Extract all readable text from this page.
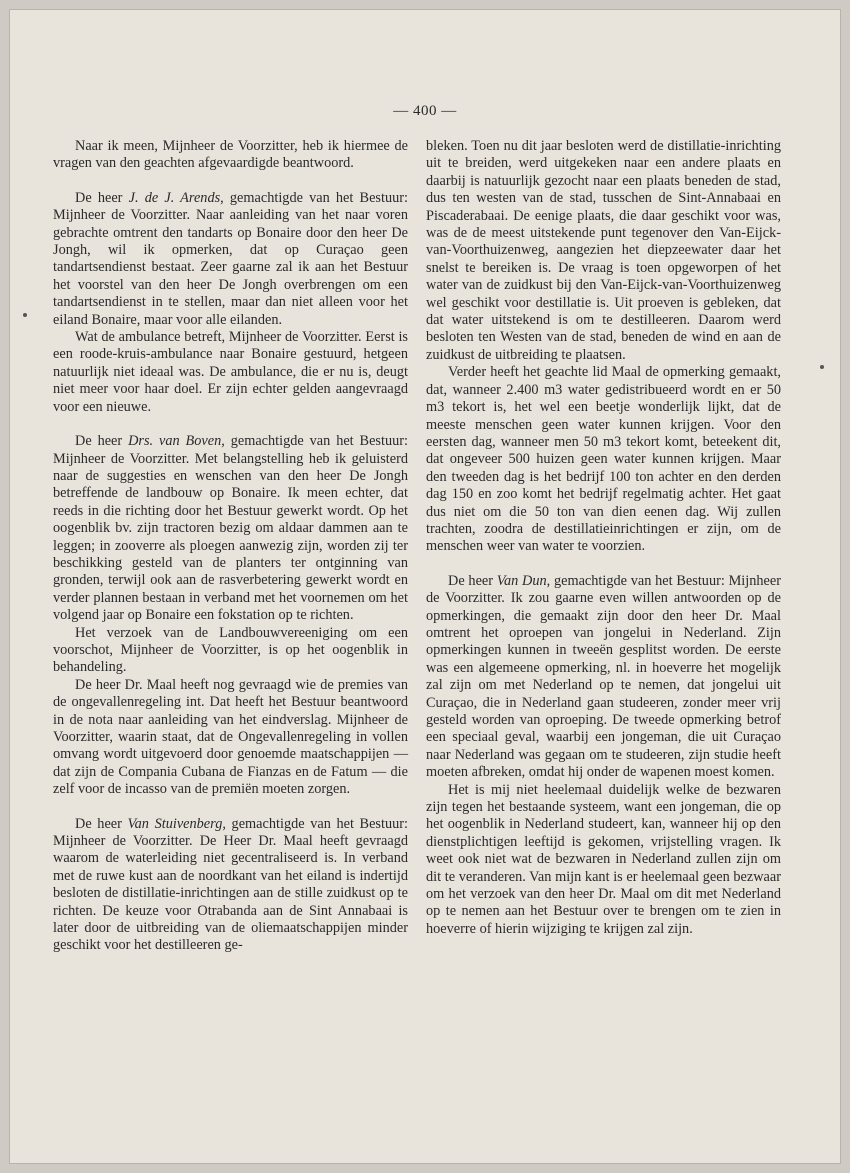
— 400 —

Naar ik meen, Mijnheer de Voorzitter, heb ik hiermee de vragen van den geachten afgevaardigde beantwoord.

De heer J. de J. Arends, gemachtigde van het Bestuur: Mijnheer de Voorzitter. Naar aanleiding van het naar voren gebrachte omtrent den tandarts op Bonaire door den heer De Jongh, wil ik opmerken, dat op Curaçao geen tandartsendienst bestaat. Zeer gaarne zal ik aan het Bestuur het voorstel van den heer De Jongh overbrengen om een tandartsendienst in te stellen, maar dan niet alleen voor het eiland Bonaire, maar voor alle eilanden.

Wat de ambulance betreft, Mijnheer de Voorzitter. Eerst is een roode-kruis-ambulance naar Bonaire gestuurd, hetgeen natuurlijk niet ideaal was. De ambulance, die er nu is, deugt niet meer voor haar doel. Er zijn echter gelden aangevraagd voor een nieuwe.

De heer Drs. van Boven, gemachtigde van het Bestuur: Mijnheer de Voorzitter. Met belangstelling heb ik geluisterd naar de suggesties en wenschen van den heer De Jongh betreffende de landbouw op Bonaire. Ik meen echter, dat reeds in die richting door het Bestuur gewerkt wordt. Op het oogenblik bv. zijn tractoren bezig om aldaar dammen aan te leggen; in zooverre als ploegen aanwezig zijn, worden zij ter beschikking gesteld van de planters ter ontginning van gronden, terwijl ook aan de rasverbetering gewerkt wordt en verder plannen bestaan in verband met het voornemen om het volgend jaar op Bonaire een fokstation op te richten.

Het verzoek van de Landbouwvereeniging om een voorschot, Mijnheer de Voorzitter, is op het oogenblik in behandeling.

De heer Dr. Maal heeft nog gevraagd wie de premies van de ongevallenregeling int. Dat heeft het Bestuur beantwoord in de nota naar aanleiding van het eindverslag. Mijnheer de Voorzitter, waarin staat, dat de Ongevallenregeling in vollen omvang wordt uitgevoerd door genoemde maatschappijen — dat zijn de Compania Cubana de Fianzas en de Fatum — die zelf voor de incasso van de premiën moeten zorgen.

De heer Van Stuivenberg, gemachtigde van het Bestuur: Mijnheer de Voorzitter. De Heer Dr. Maal heeft gevraagd waarom de waterleiding niet gecentraliseerd is. In verband met de ruwe kust aan de noordkant van het eiland is indertijd besloten de distillatie-inrichtingen aan de stille zuidkust op te richten. De keuze voor Otrabanda aan de Sint Annabaai is later door de uitbreiding van de oliemaatschappijen minder geschikt voor het destilleeren ge-

bleken. Toen nu dit jaar besloten werd de distillatie-inrichting uit te breiden, werd uitgekeken naar een andere plaats en daarbij is natuurlijk gezocht naar een plaats beneden de stad, dus ten westen van de stad, tusschen de Sint-Annabaai en Piscaderabaai. De eenige plaats, die daar geschikt voor was, was de de meest uitstekende punt tegenover den Van-Eijck-van-Voorthuizenweg, aangezien het diepzeewater daar het snelst te bereiken is. De vraag is toen opgeworpen of het water van de zuidkust bij den Van-Eijck-van-Voorthuizenweg wel geschikt voor destillatie is. Uit proeven is gebleken, dat dat water uitstekend is om te destilleeren. Daarom werd besloten ten Westen van de stad, beneden de wind en aan de zuidkust de uitbreiding te plaatsen.

Verder heeft het geachte lid Maal de opmerking gemaakt, dat, wanneer 2.400 m3 water gedistribueerd wordt en er 50 m3 tekort is, het wel een beetje wonderlijk lijkt, dat de meeste menschen geen water kunnen krijgen. Voor den eersten dag, wanneer men 50 m3 tekort komt, beteekent dit, dat ongeveer 500 huizen geen water kunnen krijgen. Maar den tweeden dag is het bedrijf 100 ton achter en den derden dag 150 en zoo komt het bedrijf regelmatig achter. Het gaat dus niet om die 50 ton van dien eenen dag. Wij zullen trachten, zoodra de destillatieinrichtingen er zijn, om de menschen weer van water te voorzien.

De heer Van Dun, gemachtigde van het Bestuur: Mijnheer de Voorzitter. Ik zou gaarne even willen antwoorden op de opmerkingen, die gemaakt zijn door den heer Dr. Maal omtrent het oproepen van jongelui in Nederland. Zijn opmerkingen kunnen in tweeën gesplitst worden. De eerste was een algemeene opmerking, nl. in hoeverre het mogelijk zal zijn om met Nederland op te nemen, dat jongelui uit Curaçao, die in Nederland gaan studeeren, zonder meer vrij gesteld worden van oproeping. De tweede opmerking betrof een speciaal geval, waarbij een jongeman, die uit Curaçao naar Nederland was gegaan om te studeeren, zijn studie heeft moeten afbreken, omdat hij onder de wapenen moest komen.

Het is mij niet heelemaal duidelijk welke de bezwaren zijn tegen het bestaande systeem, want een jongeman, die op het oogenblik in Nederland studeert, kan, wanneer hij op den dienstplichtigen leeftijd is gekomen, vrijstelling vragen. Ik weet ook niet wat de bezwaren in Nederland zullen zijn om dit te veranderen. Van mijn kant is er heelemaal geen bezwaar om het verzoek van den heer Dr. Maal om dit met Nederland op te nemen aan het Bestuur over te brengen om te zien in hoeverre of hierin wijziging te krijgen zal zijn.
